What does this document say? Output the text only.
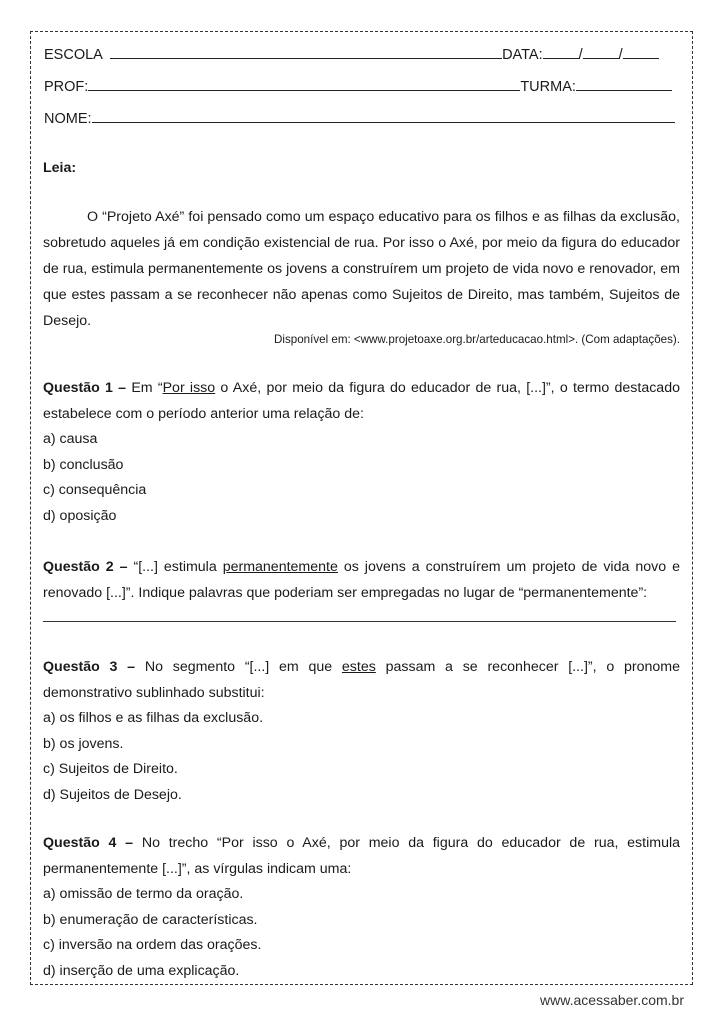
ESCOLA	DATA: / /
PROF:	TURMA:
NOME:
Leia:
O “Projeto Axé” foi pensado como um espaço educativo para os filhos e as filhas da exclusão, sobretudo aqueles já em condição existencial de rua. Por isso o Axé, por meio da figura do educador de rua, estimula permanentemente os jovens a construírem um projeto de vida novo e renovador, em que estes passam a se reconhecer não apenas como Sujeitos de Direito, mas também, Sujeitos de Desejo.
Disponível em: <www.projetoaxe.org.br/arteducacao.html>. (Com adaptações).
Questão 1 – Em “Por isso o Axé, por meio da figura do educador de rua, [...]”, o termo destacado estabelece com o período anterior uma relação de:
a) causa
b) conclusão
c) consequência
d) oposição
Questão 2 – “[...] estimula permanentemente os jovens a construírem um projeto de vida novo e renovado [...]”. Indique palavras que poderiam ser empregadas no lugar de “permanentemente”:
Questão 3 – No segmento “[...] em que estes passam a se reconhecer [...]”, o pronome demonstrativo sublinhado substitui:
a) os filhos e as filhas da exclusão.
b) os jovens.
c) Sujeitos de Direito.
d) Sujeitos de Desejo.
Questão 4 – No trecho “Por isso o Axé, por meio da figura do educador de rua, estimula permanentemente [...]”, as vírgulas indicam uma:
a) omissão de termo da oração.
b) enumeração de características.
c) inversão na ordem das orações.
d) inserção de uma explicação.
www.acessaber.com.br
